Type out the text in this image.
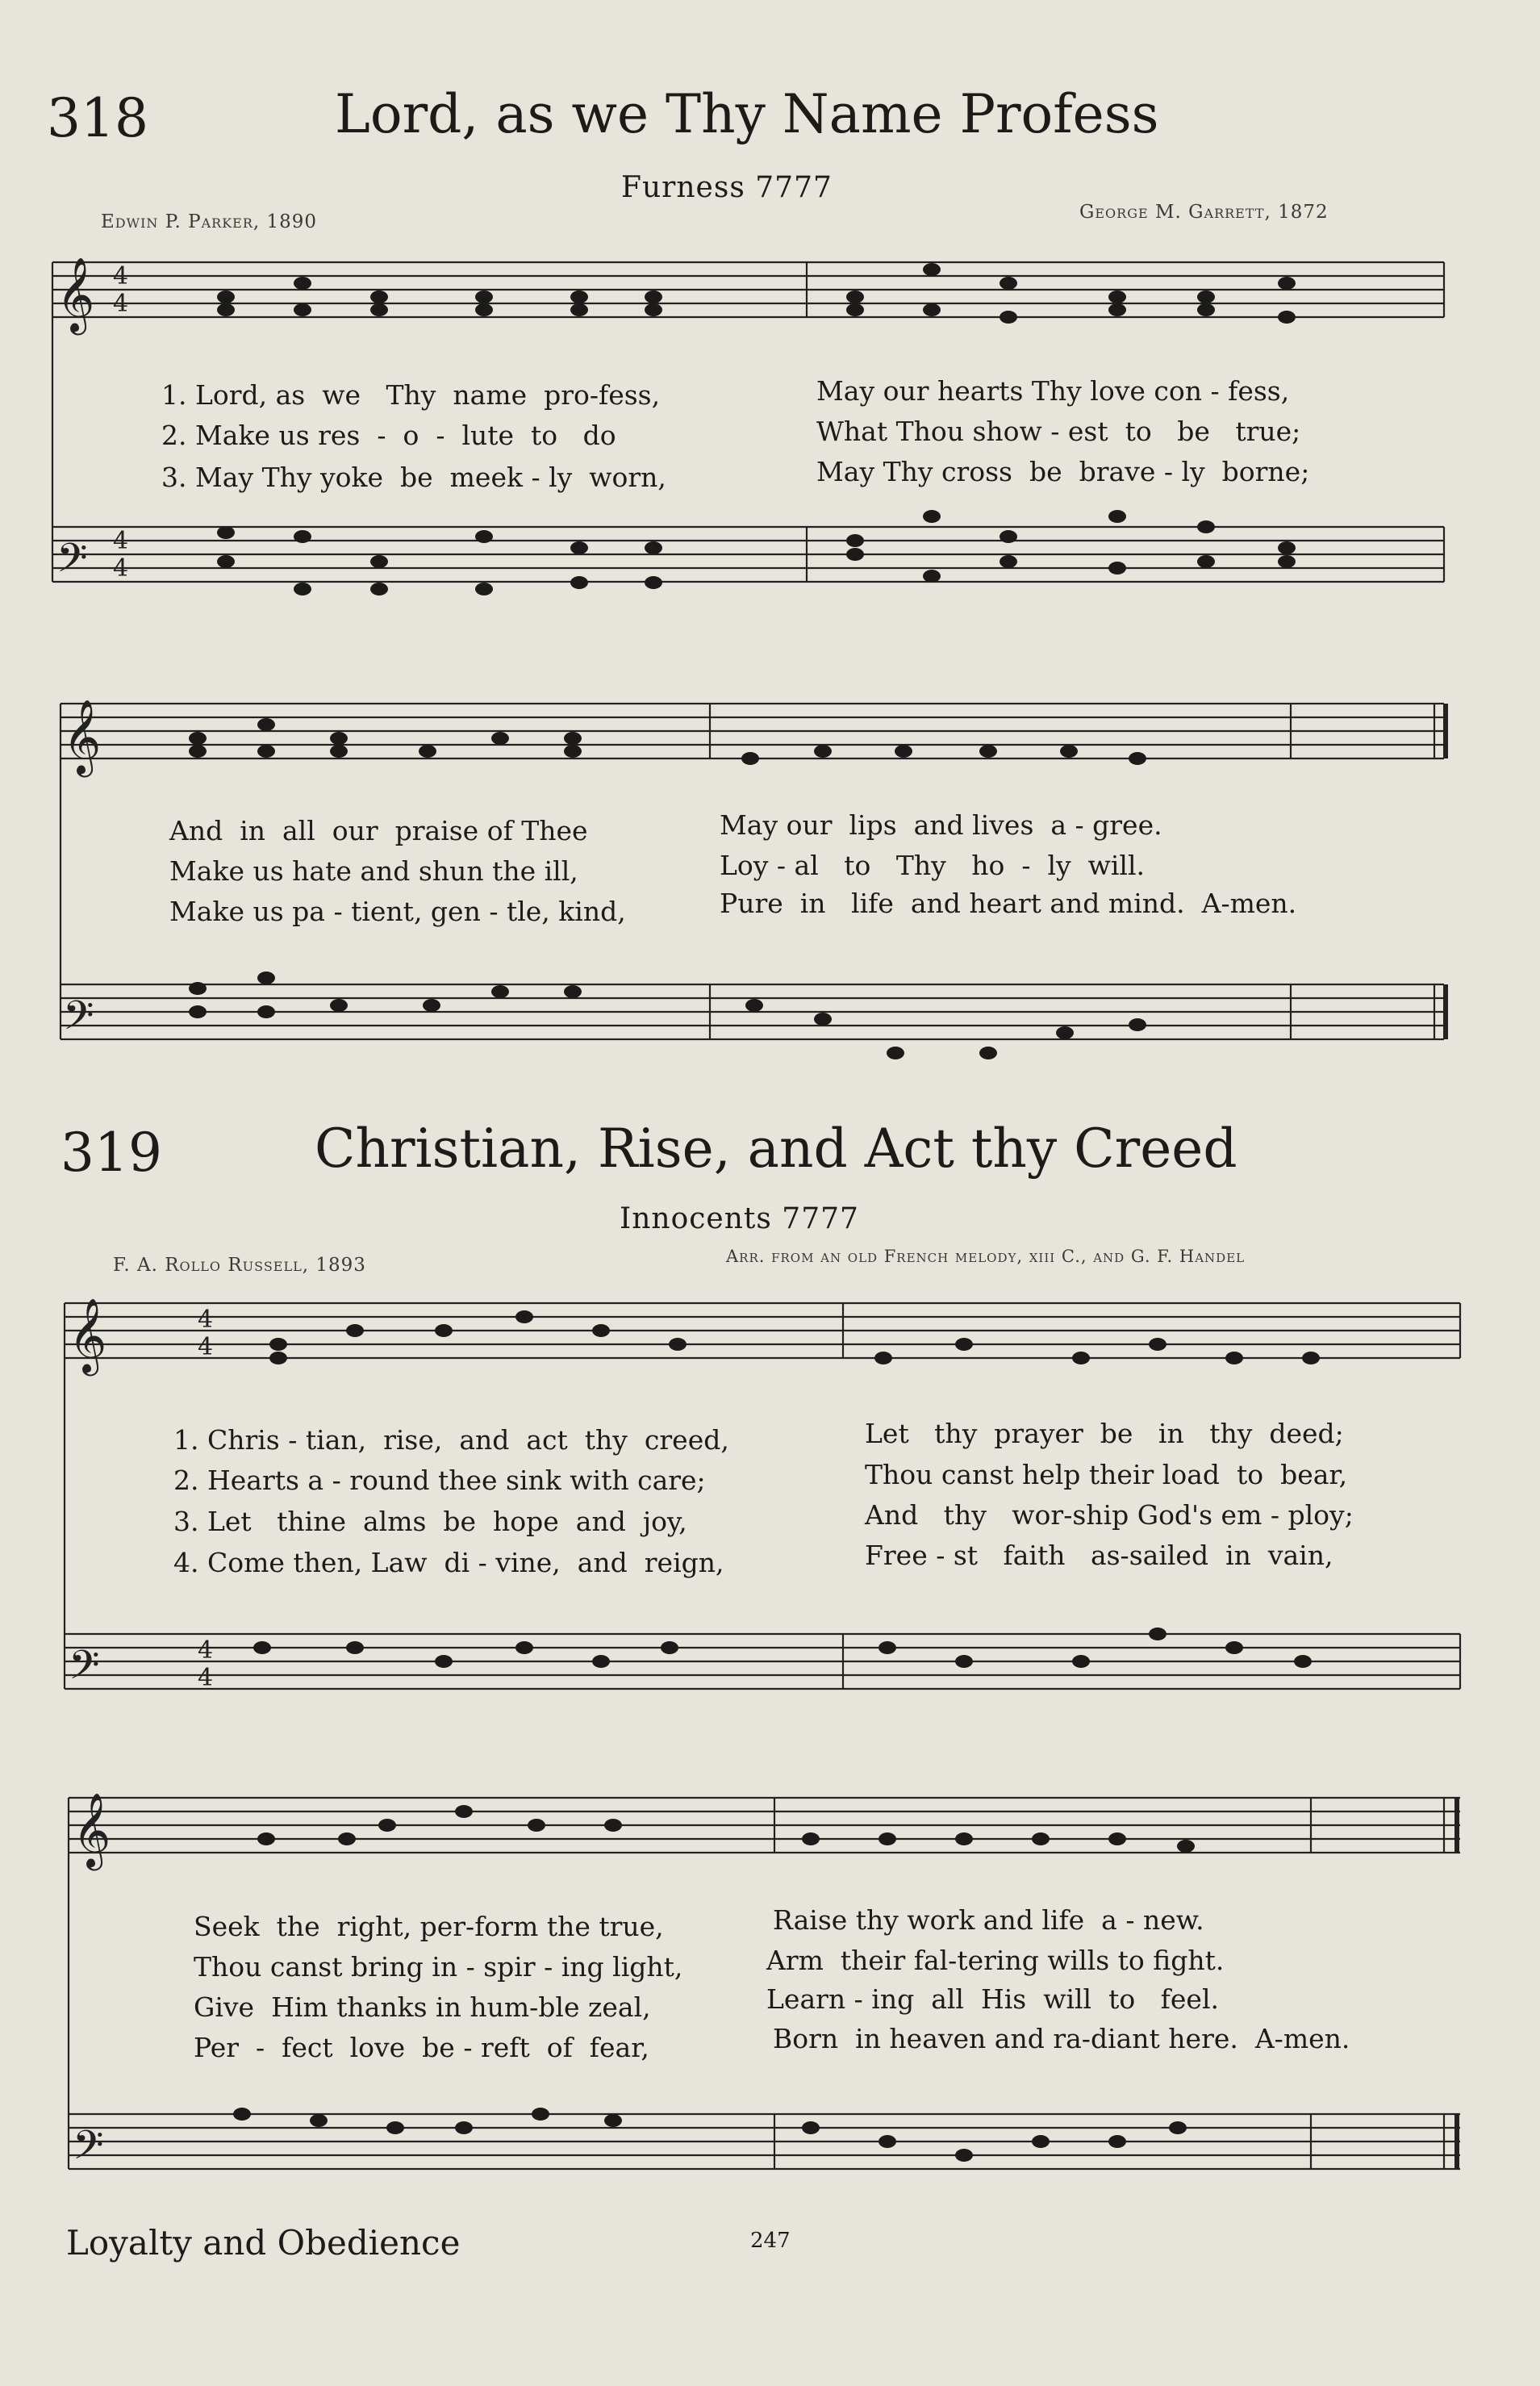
318	Lord, as we Thy Name Profess
Furness 7777
Edwin P. Parker, 1890	George M. Garrett, 1872
𝄞
𝄢
4
4
4
4
𝄞
𝄢
𝄞
𝄢
4
4
4
4
𝄞
𝄢
1. Lord, as  we   Thy  name  pro-fess,	May our hearts Thy love con - fess,
2. Make us res  -  o  -  lute  to   do	What Thou show - est  to   be   true;
3. May Thy yoke  be  meek - ly  worn,	May Thy cross  be  brave - ly  borne;
And  in  all  our  praise of Thee	May our  lips  and lives  a - gree.
Make us hate and shun the ill,	Loy - al   to   Thy   ho  -  ly  will.
Make us pa - tient, gen - tle, kind,	Pure  in   life  and heart and mind.  A-men.
319	Christian, Rise, and Act thy Creed
Innocents 7777
F. A. Rollo Russell, 1893	Arr. from an old French melody, xiii C., and G. F. Handel
1. Chris - tian,  rise,  and  act  thy  creed,	Let   thy  prayer  be   in   thy  deed;
2. Hearts a - round thee sink with care;	Thou canst help their load  to  bear,
3. Let   thine  alms  be  hope  and  joy,	And   thy   wor-ship God's em - ploy;
4. Come then, Law  di - vine,  and  reign,	Free - st   faith   as-sailed  in  vain,
Seek  the  right, per-form the true,	Raise thy work and life  a - new.
Thou canst bring in - spir - ing light,	Arm  their fal-tering wills to fight.
Give  Him thanks in hum-ble zeal,	Learn - ing  all  His  will  to   feel.
Per  -  fect  love  be - reft  of  fear,	Born  in heaven and ra-diant here.  A-men.
Loyalty and Obedience	247
